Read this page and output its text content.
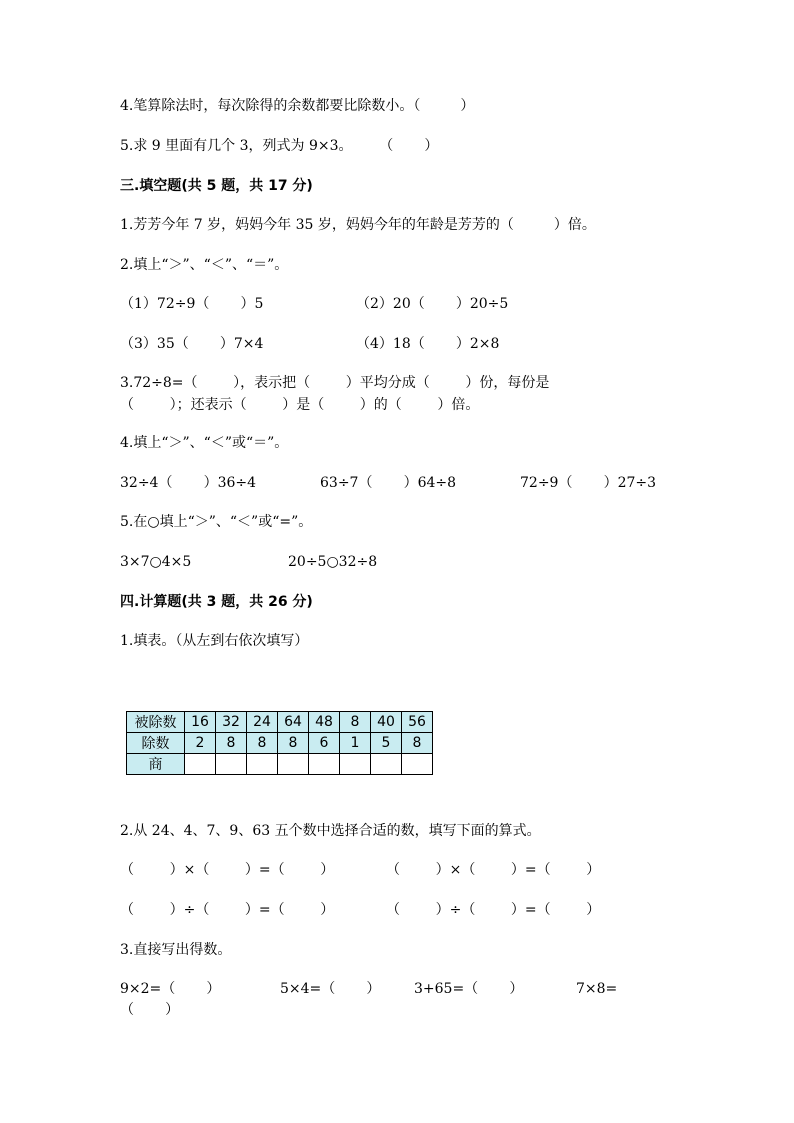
4.笔算除法时，每次除得的余数都要比除数小。（         ）
5.求 9 里面有几个 3，列式为 9×3。      （       ）
三.填空题(共 5 题，共 17 分)
1.芳芳今年 7 岁，妈妈今年 35 岁，妈妈今年的年龄是芳芳的（         ）倍。
2.填上“＞”、“＜”、“＝”。
（1）72÷9（       ）5	（2）20（       ）20÷5
（3）35（       ）7×4	（4）18（       ）2×8
3.72÷8=（        ），表示把（        ）平均分成（        ）份，每份是
（        ）；还表示（        ）是（        ）的（        ）倍。
4.填上“＞”、“＜”或“＝”。
32÷4（       ）36÷4	63÷7（       ）64÷8	72÷9（       ）27÷3
5.在○填上“＞”、“＜”或“=”。
3×7○4×5	20÷5○32÷8
四.计算题(共 3 题，共 26 分)
1.填表。（从左到右依次填写）
被除数	16	32	24	64	48	8	40	56
除数	2	8	8	8	6	1	5	8
商								
2.从 24、4、7、9、63 五个数中选择合适的数，填写下面的算式。
（        ）×（        ）=（        ）	（        ）×（        ）=（        ）
（        ）÷（        ）=（        ）	（        ）÷（        ）=（        ）
3.直接写出得数。
9×2=（       ）	5×4=（       ） 3+65=（       ）	7×8=
（       ）
